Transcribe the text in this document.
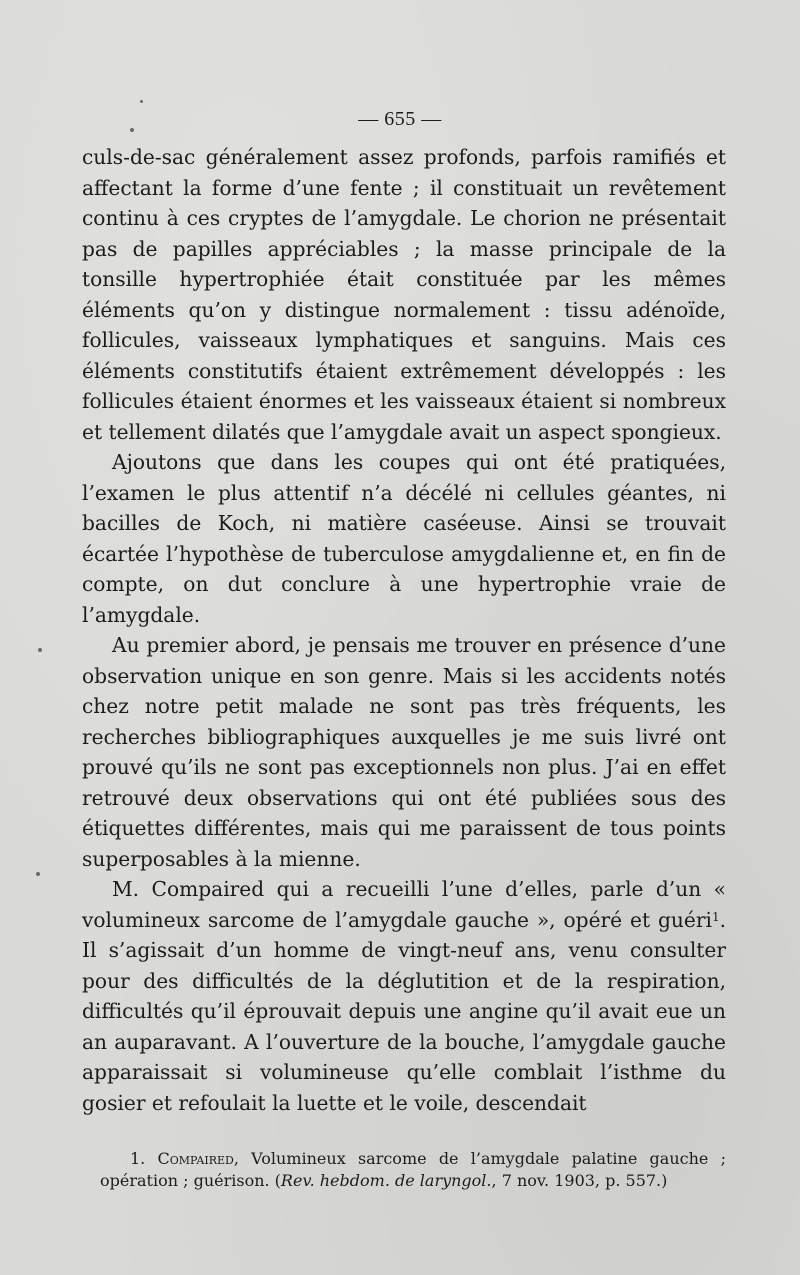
— 655 —

culs-de-sac généralement assez profonds, parfois ramifiés et affectant la forme d’une fente ; il constituait un revêtement continu à ces cryptes de l’amygdale. Le chorion ne présentait pas de papilles appréciables ; la masse principale de la tonsille hypertrophiée était constituée par les mêmes éléments qu’on y distingue normalement : tissu adénoïde, follicules, vaisseaux lymphatiques et sanguins. Mais ces éléments constitutifs étaient extrêmement développés : les follicules étaient énormes et les vaisseaux étaient si nombreux et tellement dilatés que l’amygdale avait un aspect spongieux.

Ajoutons que dans les coupes qui ont été pratiquées, l’examen le plus attentif n’a décélé ni cellules géantes, ni bacilles de Koch, ni matière caséeuse. Ainsi se trouvait écartée l’hypothèse de tuberculose amygdalienne et, en fin de compte, on dut conclure à une hypertrophie vraie de l’amygdale.

Au premier abord, je pensais me trouver en présence d’une observation unique en son genre. Mais si les accidents notés chez notre petit malade ne sont pas très fréquents, les recherches bibliographiques auxquelles je me suis livré ont prouvé qu’ils ne sont pas exceptionnels non plus. J’ai en effet retrouvé deux observations qui ont été publiées sous des étiquettes différentes, mais qui me paraissent de tous points superposables à la mienne.

M. Compaired qui a recueilli l’une d’elles, parle d’un « volumineux sarcome de l’amygdale gauche », opéré et guéri$^1$. Il s’agissait d’un homme de vingt-neuf ans, venu consulter pour des difficultés de la déglutition et de la respiration, difficultés qu’il éprouvait depuis une angine qu’il avait eue un an auparavant. A l’ouverture de la bouche, l’amygdale gauche apparaissait si volumineuse qu’elle comblait l’isthme du gosier et refoulait la luette et le voile, descendait

1. Compaired, Volumineux sarcome de l’amygdale palatine gauche ; opération ; guérison. (Rev. hebdom. de laryngol., 7 nov. 1903, p. 557.)
